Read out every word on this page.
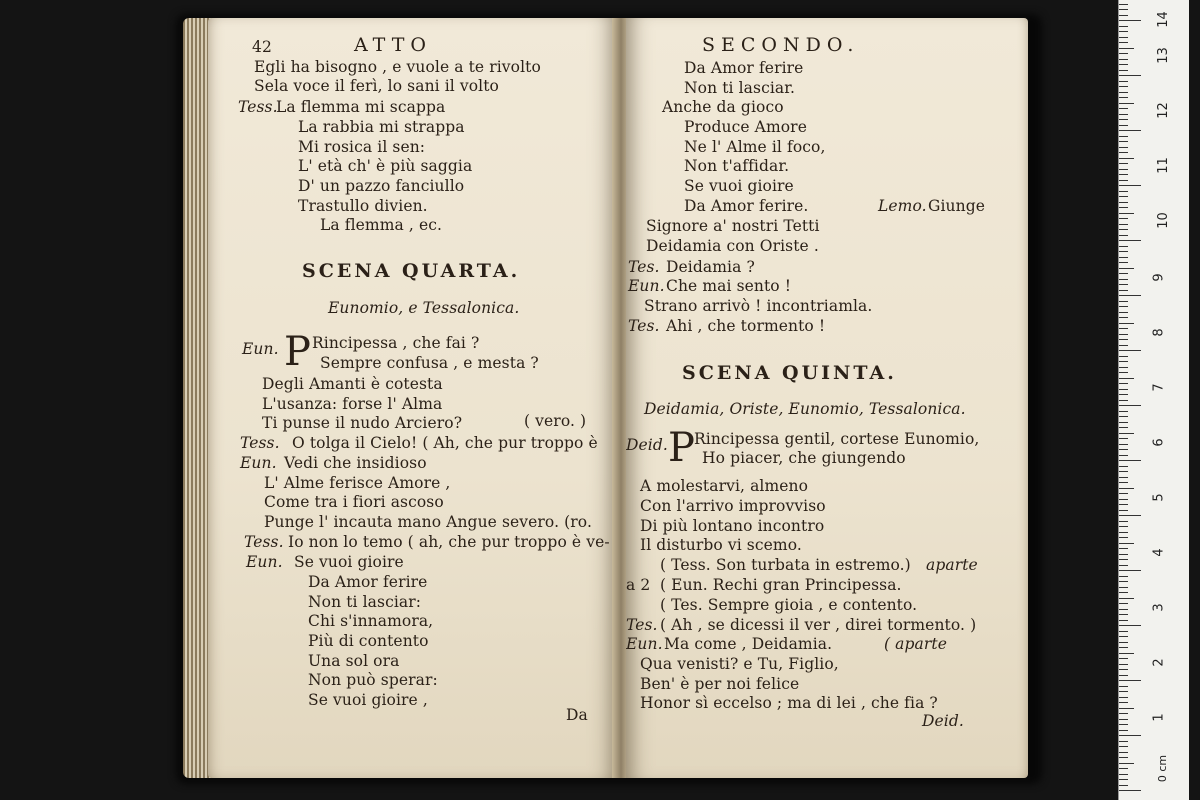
42	ATTO
Egli ha bisogno , e vuole a te rivolto
Sela voce il ferì, lo sani il volto
Tess.
La flemma mi scappa
La rabbia mi strappa
Mi rosica il sen:
L' età ch' è più saggia
D' un pazzo fanciullo
Trastullo divien.
La flemma , ec.
SCENA QUARTA.
Eunomio, e Tessalonica.
Eun. P Rincipessa , che fai ?
Sempre confusa , e mesta ?
Degli Amanti è cotesta
L'usanza: forse l' Alma
Ti punse il nudo Arciero?	( vero. )
Tess. O tolga il Cielo! ( Ah, che pur troppo è
Eun. Vedi che insidioso
L' Alme ferisce Amore ,
Come tra i fiori ascoso
Punge l' incauta mano Angue severo. (ro.
Tess. Io non lo temo ( ah, che pur troppo è ve-
Eun. Se vuoi gioire
Da Amor ferire
Non ti lasciar:
Chi s'innamora,
Più di contento
Una sol ora
Non può sperar:
Se vuoi gioire ,
Da
SECONDO.
Da Amor ferire
Non ti lasciar.
Anche da gioco
Produce Amore
Ne l' Alme il foco,
Non t'affidar.
Se vuoi gioire
Da Amor ferire.	Lemo. Giunge
Signore a' nostri Tetti
Deidamia con Oriste .
Tes. Deidamia ?
Eun. Che mai sento !
Strano arrivò ! incontriamla.
Tes. Ahi , che tormento !
SCENA QUINTA.
Deidamia, Oriste, Eunomio, Tessalonica.
Deid. P
Rincipessa gentil, cortese Eunomio,
Ho piacer, che giungendo
A molestarvi, almeno
Con l'arrivo improvviso
Di più lontano incontro
Il disturbo vi scemo.
( Tess. Son turbata in estremo.) aparte
a 2 ( Eun. Rechi gran Principessa.
( Tes. Sempre gioia , e contento.
Tes. ( Ah , se dicessi il ver , direi tormento. )
Eun. Ma come , Deidamia.	( aparte
Qua venisti? e Tu, Figlio,
Ben' è per noi felice
Honor sì eccelso ; ma di lei , che fia ?
Deid.
14
13
12
11
10
9
8
7
6
5
4
3
2
1
0 cm
